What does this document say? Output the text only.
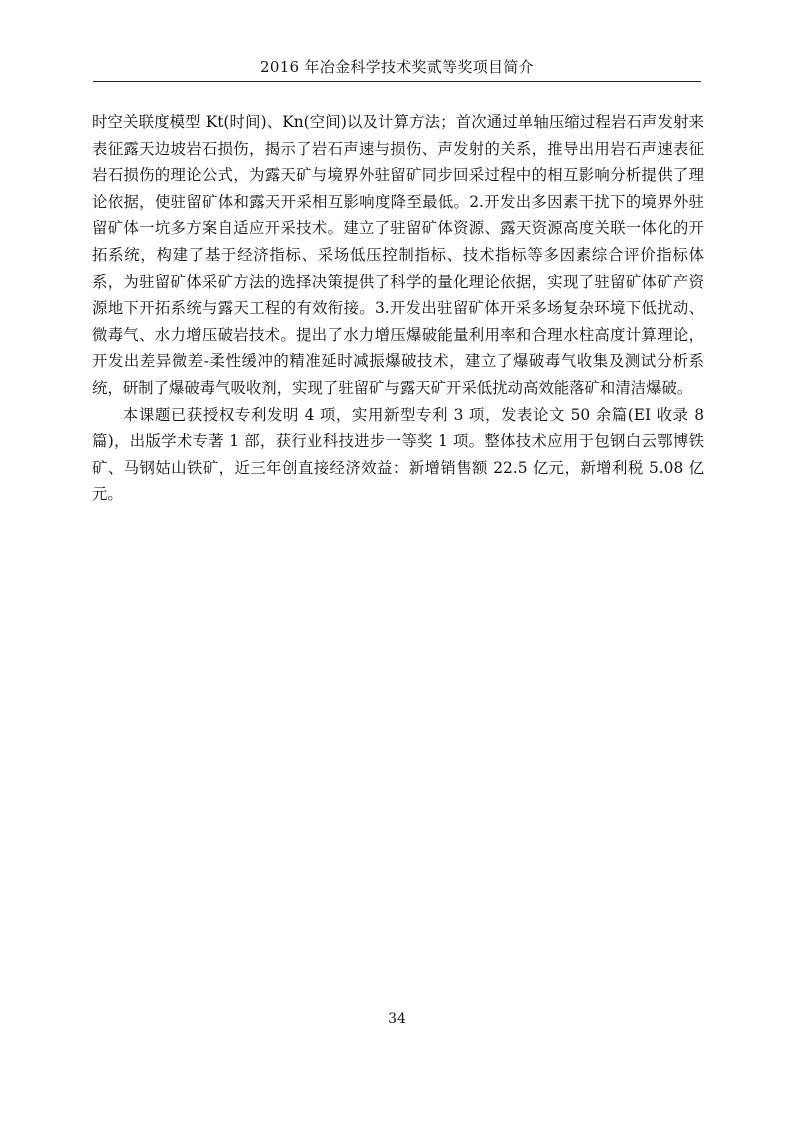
2016 年冶金科学技术奖贰等奖项目简介

时空关联度模型 Kt(时间)、Kn(空间)以及计算方法；首次通过单轴压缩过程岩石声发射来表征露天边坡岩石损伤，揭示了岩石声速与损伤、声发射的关系，推导出用岩石声速表征岩石损伤的理论公式，为露天矿与境界外驻留矿同步回采过程中的相互影响分析提供了理论依据，使驻留矿体和露天开采相互影响度降至最低。2.开发出多因素干扰下的境界外驻留矿体一坑多方案自适应开采技术。建立了驻留矿体资源、露天资源高度关联一体化的开拓系统，构建了基于经济指标、采场低压控制指标、技术指标等多因素综合评价指标体系，为驻留矿体采矿方法的选择决策提供了科学的量化理论依据，实现了驻留矿体矿产资源地下开拓系统与露天工程的有效衔接。3.开发出驻留矿体开采多场复杂环境下低扰动、微毒气、水力增压破岩技术。提出了水力增压爆破能量利用率和合理水柱高度计算理论，开发出差异微差-柔性缓冲的精准延时减振爆破技术，建立了爆破毒气收集及测试分析系统，研制了爆破毒气吸收剂，实现了驻留矿与露天矿开采低扰动高效能落矿和清洁爆破。

本课题已获授权专利发明 4 项，实用新型专利 3 项，发表论文 50 余篇(EI 收录 8 篇)，出版学术专著 1 部，获行业科技进步一等奖 1 项。整体技术应用于包钢白云鄂博铁矿、马钢姑山铁矿，近三年创直接经济效益：新增销售额 22.5 亿元，新增利税 5.08 亿元。

34
